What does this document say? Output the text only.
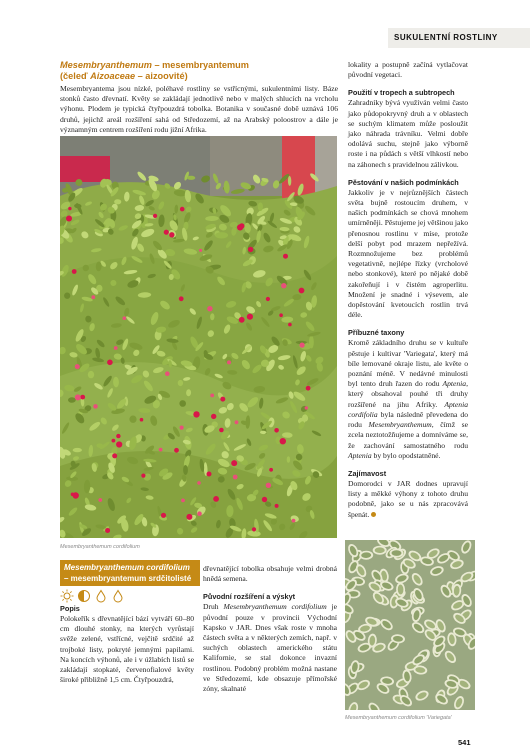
SUKULENTNÍ ROSTLINY
Mesembryanthemum – mesembryantemum
(čeleď Aizoaceae – aizoovité)

Mesembryantema jsou nízké, poléhavé rostliny se vstřícnými, sukulentními listy. Báze stonků často dřevnatí. Květy se zakládají jednotlivě nebo v malých shlucích na vrcholu výhonu. Plodem je typická čtyřpouzdrá tobolka. Botanika v současné době uznává 106 druhů, jejichž areál rozšíření sahá od Středozemí, až na Arabský poloostrov a dále je významným centrem rozšíření rodu jižní Afrika.

Mesembryanthemum cordifolium
Mesembryanthemum cordifolium
– mesembryantemum srdčitolisté
Popis

Polokeřík s dřevnatějící bází vytváří 60–80 cm dlouhé stonky, na kterých vyrůstají svěže zelené, vstřícné, vejčitě srdčité až trojboké listy, pokryté jemnými papilami. Na koncích výhonů, ale i v úžlabích listů se zakládají stopkaté, červenofialové květy široké přibližně 1,5 cm. Čtyřpouzdrá,

dřevnatějící tobolka obsahuje velmi drobná hnědá semena.

Původní rozšíření a výskyt

Druh Mesembryanthemum cordifolium je původní pouze v provincii Východní Kapsko v JAR. Dnes však roste v mnoha částech světa a v některých zemích, např. v suchých oblastech amerického státu Kalifornie, se stal dokonce invazní rostlinou. Podobný problém možná nastane ve Středozemí, kde obsazuje přímořské zóny, skalnaté

lokality a postupně začíná vytlačovat původní vegetaci.

Použití v tropech a subtropech

Zahradníky bývá využíván velmi často jako půdopokryvný druh a v oblastech se suchým klimatem může posloužit jako náhrada trávníku. Velmi dobře odolává suchu, stejně jako výborně roste i na půdách s větší vlhkostí nebo na záhonech s pravidelnou zálivkou.

Pěstování v našich podmínkách

Jakkoliv je v nejrůznějších částech světa bujně rostoucím druhem, v našich podmínkách se chová mnohem umírněněji. Pěstujeme jej většinou jako přenosnou rostlinu v míse, protože delší pobyt pod mrazem nepřežívá. Rozmnožujeme bez problémů vegetativně, nejlépe řízky (vrcholové nebo stonkové), které po nějaké době zakořeňují i v čistém agroperlitu. Množení je snadné i výsevem, ale dopěstování kvetoucích rostlin trvá déle.

Příbuzné taxony

Kromě základního druhu se v kultuře pěstuje i kultivar 'Variegata', který má bíle lemované okraje listu, ale květe o poznání méně. V nedávné minulosti byl tento druh řazen do rodu Aptenia, který obsahoval pouhé tři druhy rozšířené na jihu Afriky. Aptenia cordifolia byla následně převedena do rodu Mesembryanthemum, čímž se zcela neztotožňujeme a domníváme se, že zachování samostatného rodu Aptenia by bylo opodstatněné.

Zajímavost

Domorodci v JAR dodnes upravují listy a měkké výhony z tohoto druhu podobně, jako se u nás zpracovává špenát.

Mesembryanthemum cordifolium 'Variegata'
541
